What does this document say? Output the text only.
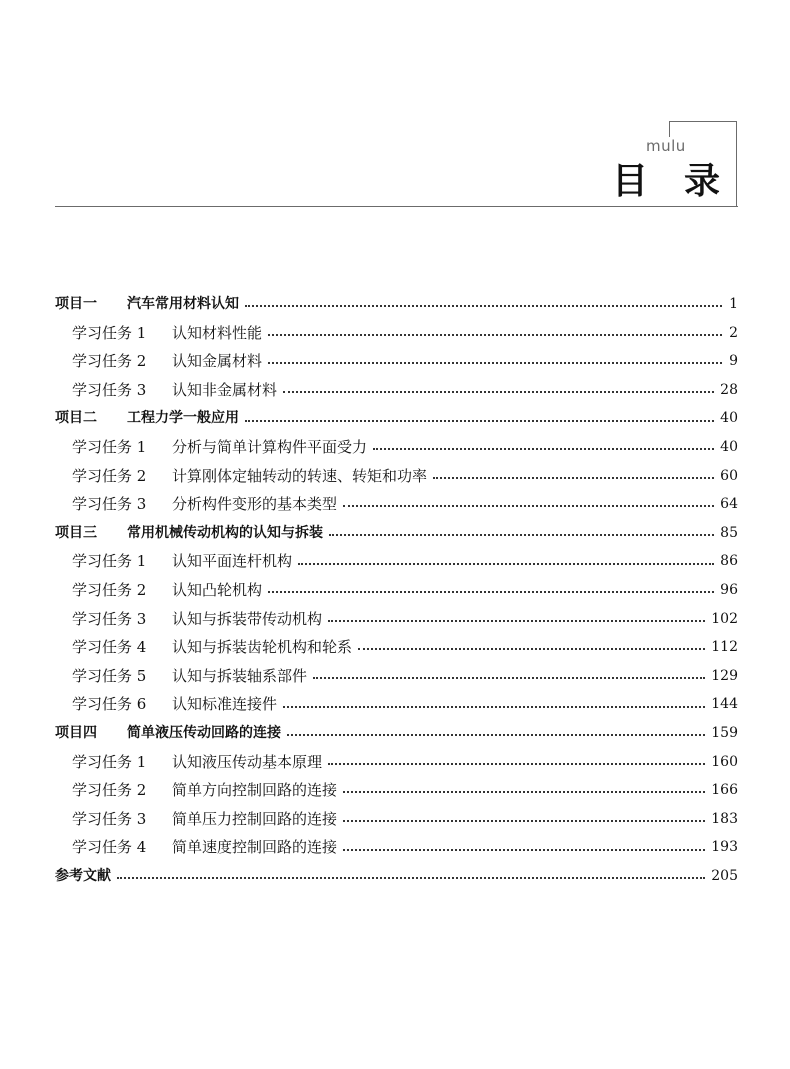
mulu
目录
项目一	汽车常用材料认知	1
学习任务 1	认知材料性能	2
学习任务 2	认知金属材料	9
学习任务 3	认知非金属材料	28
项目二	工程力学一般应用	40
学习任务 1	分析与简单计算构件平面受力	40
学习任务 2	计算刚体定轴转动的转速、转矩和功率	60
学习任务 3	分析构件变形的基本类型	64
项目三	常用机械传动机构的认知与拆装	85
学习任务 1	认知平面连杆机构	86
学习任务 2	认知凸轮机构	96
学习任务 3	认知与拆装带传动机构	102
学习任务 4	认知与拆装齿轮机构和轮系	112
学习任务 5	认知与拆装轴系部件	129
学习任务 6	认知标准连接件	144
项目四	简单液压传动回路的连接	159
学习任务 1	认知液压传动基本原理	160
学习任务 2	简单方向控制回路的连接	166
学习任务 3	简单压力控制回路的连接	183
学习任务 4	简单速度控制回路的连接	193
参考文献	205
